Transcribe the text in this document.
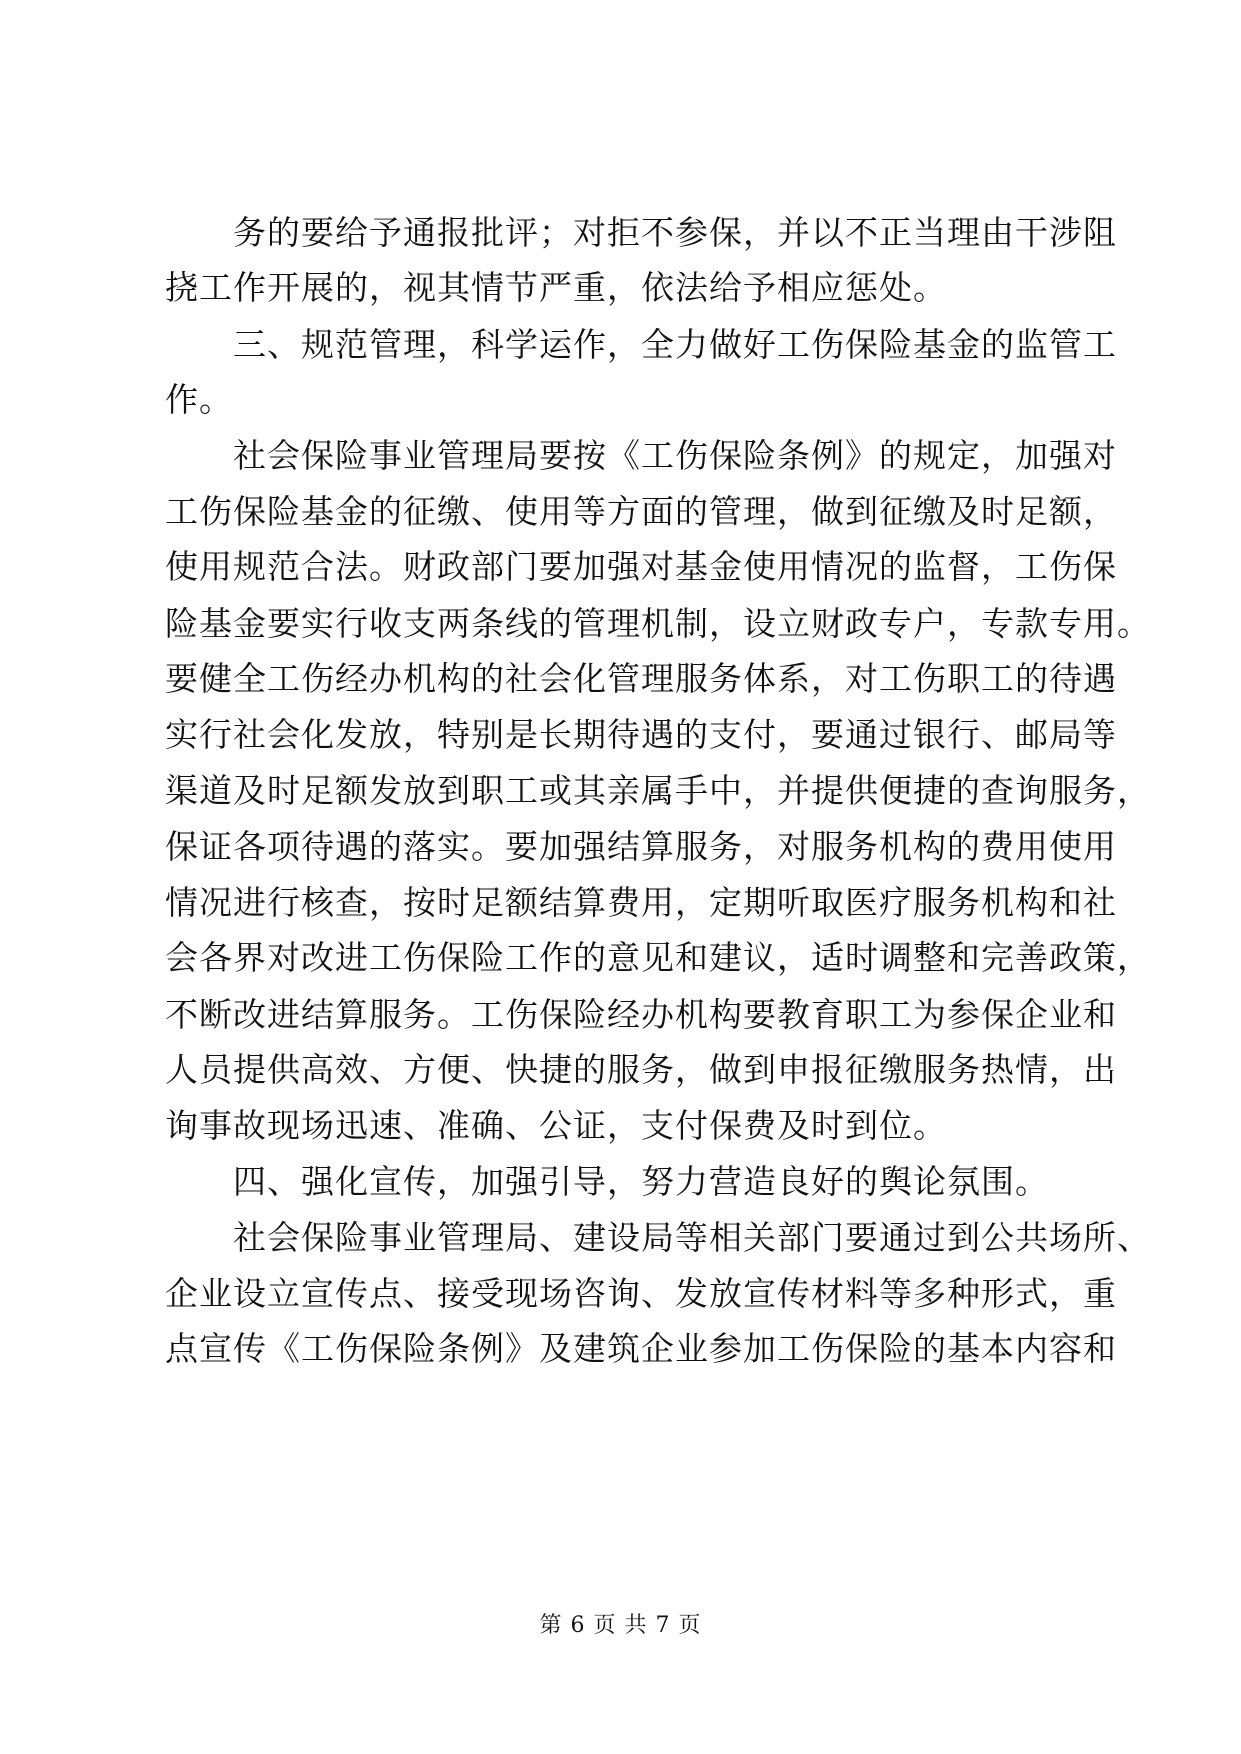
　　务的要给予通报批评；对拒不参保，并以不正当理由干涉阻
挠工作开展的，视其情节严重，依法给予相应惩处。
　　三、规范管理，科学运作，全力做好工伤保险基金的监管工
作。
　　社会保险事业管理局要按《工伤保险条例》的规定，加强对
工伤保险基金的征缴、使用等方面的管理，做到征缴及时足额，
使用规范合法。财政部门要加强对基金使用情况的监督，工伤保
险基金要实行收支两条线的管理机制，设立财政专户，专款专用。
要健全工伤经办机构的社会化管理服务体系，对工伤职工的待遇
实行社会化发放，特别是长期待遇的支付，要通过银行、邮局等
渠道及时足额发放到职工或其亲属手中，并提供便捷的查询服务，
保证各项待遇的落实。要加强结算服务，对服务机构的费用使用
情况进行核查，按时足额结算费用，定期听取医疗服务机构和社
会各界对改进工伤保险工作的意见和建议，适时调整和完善政策，
不断改进结算服务。工伤保险经办机构要教育职工为参保企业和
人员提供高效、方便、快捷的服务，做到申报征缴服务热情，出
询事故现场迅速、准确、公证，支付保费及时到位。
　　四、强化宣传，加强引导，努力营造良好的舆论氛围。
　　社会保险事业管理局、建设局等相关部门要通过到公共场所、
企业设立宣传点、接受现场咨询、发放宣传材料等多种形式，重
点宣传《工伤保险条例》及建筑企业参加工伤保险的基本内容和
第 6 页 共 7 页
